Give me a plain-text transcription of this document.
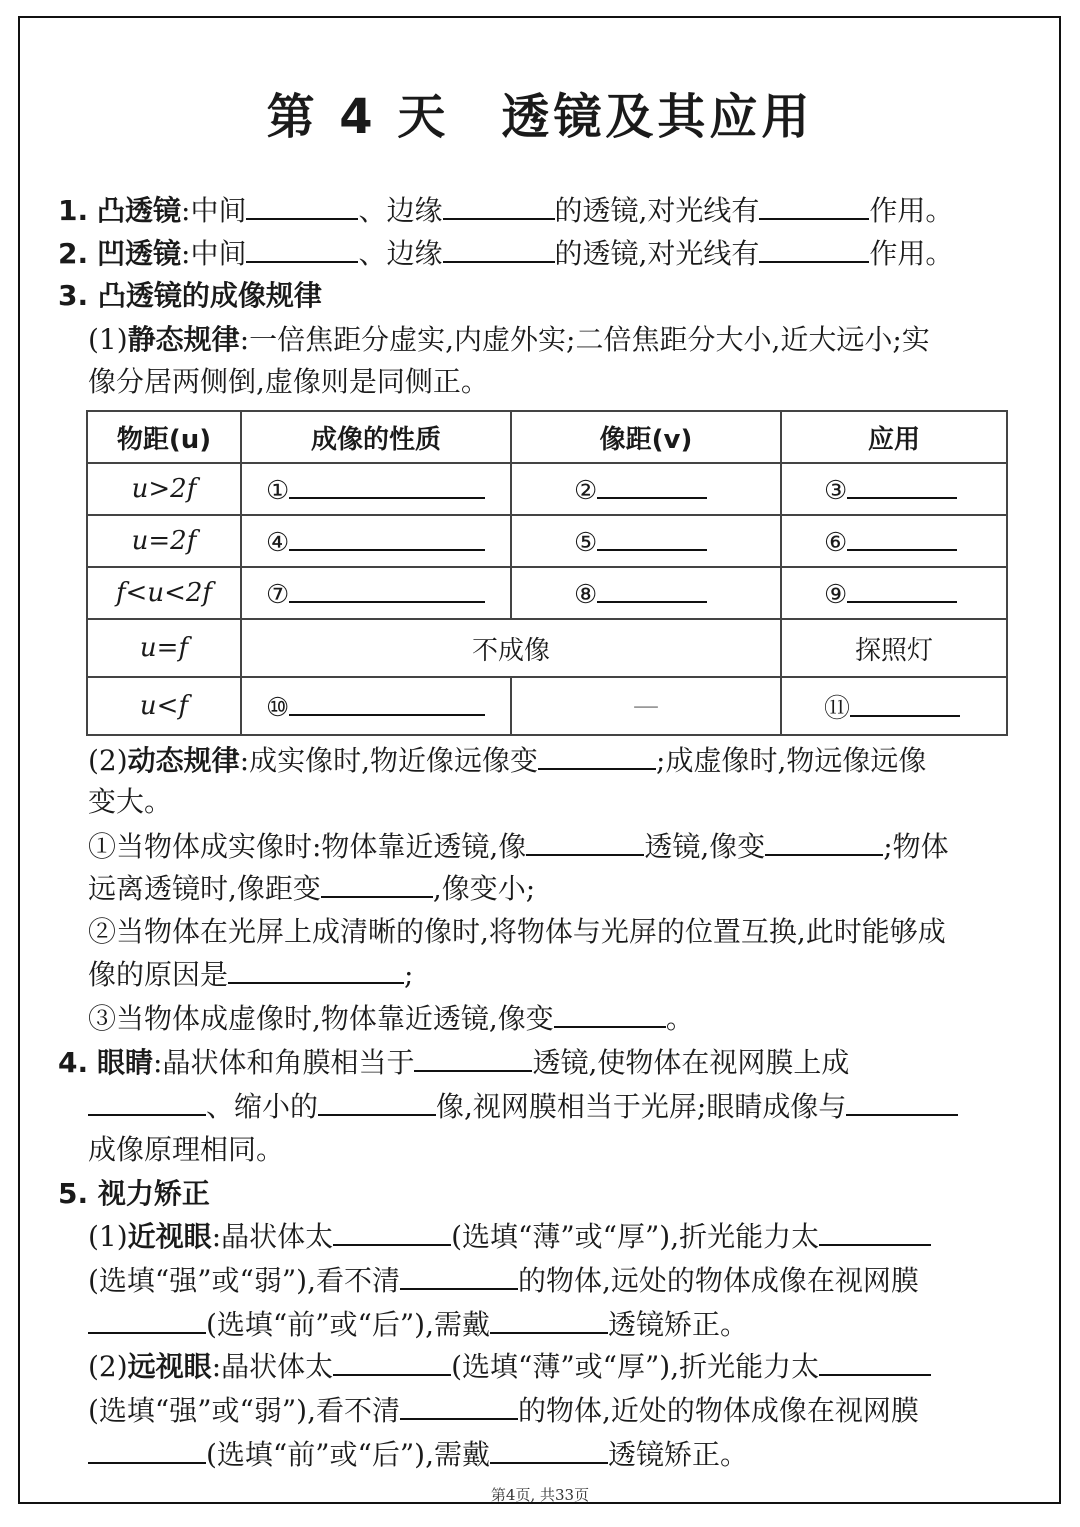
第 4 天 透镜及其应用
1. 凸透镜:中间	、边缘	的透镜,对光线有	作用。
2. 凹透镜:中间	、边缘	的透镜,对光线有	作用。
3. 凸透镜的成像规律
(1)静态规律:一倍焦距分虚实,内虚外实;二倍焦距分大小,近大远小;实
像分居两侧倒,虚像则是同侧正。
物距(u)	成像的性质	像距(v)	应用
u>2f	①	②	③
u=2f	④	⑤	⑥
f<u<2f	⑦	⑧	⑨
u=f	不成像		探照灯
u<f	⑩	—	⑪
(2)动态规律:成实像时,物近像远像变	;成虚像时,物远像远像
变大。
①当物体成实像时:物体靠近透镜,像	透镜,像变	;物体
远离透镜时,像距变	,像变小;
②当物体在光屏上成清晰的像时,将物体与光屏的位置互换,此时能够成
像的原因是	;
③当物体成虚像时,物体靠近透镜,像变	。
4. 眼睛:晶状体和角膜相当于	透镜,使物体在视网膜上成
、缩小的	像,视网膜相当于光屏;眼睛成像与
成像原理相同。
5. 视力矫正
(1)近视眼:晶状体太	(选填“薄”或“厚”),折光能力太
(选填“强”或“弱”),看不清	的物体,远处的物体成像在视网膜
(选填“前”或“后”),需戴	透镜矫正。
(2)远视眼:晶状体太	(选填“薄”或“厚”),折光能力太
(选填“强”或“弱”),看不清	的物体,近处的物体成像在视网膜
(选填“前”或“后”),需戴	透镜矫正。
第4页, 共33页
